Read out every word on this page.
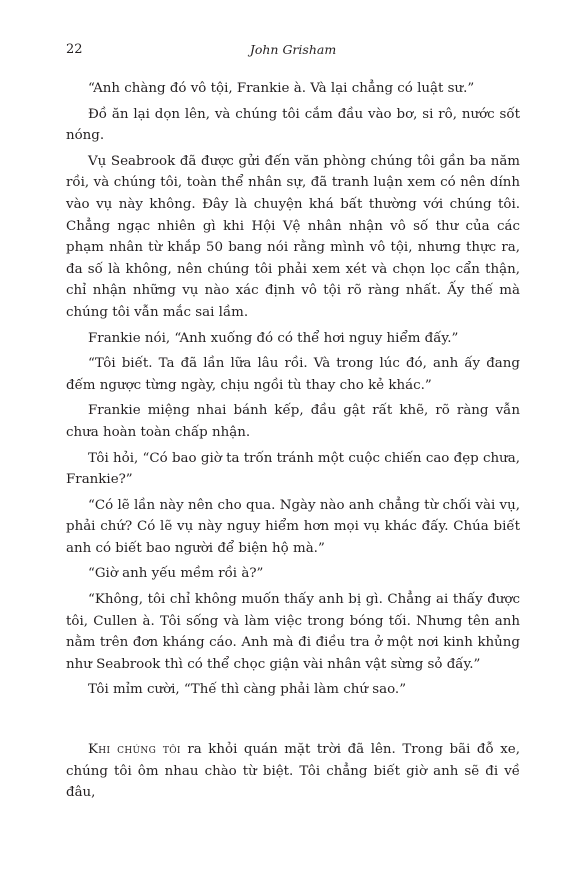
22	John Grisham

“Anh chàng đó vô tội, Frankie à. Và lại chẳng có luật sư.”

Đồ ăn lại dọn lên, và chúng tôi cắm đầu vào bơ, si rô, nước sốt nóng.

Vụ Seabrook đã được gửi đến văn phòng chúng tôi gần ba năm rồi, và chúng tôi, toàn thể nhân sự, đã tranh luận xem có nên dính vào vụ này không. Đây là chuyện khá bất thường với chúng tôi. Chẳng ngạc nhiên gì khi Hội Vệ nhân nhận vô số thư của các phạm nhân từ khắp 50 bang nói rằng mình vô tội, nhưng thực ra, đa số là không, nên chúng tôi phải xem xét và chọn lọc cẩn thận, chỉ nhận những vụ nào xác định vô tội rõ ràng nhất. Ấy thế mà chúng tôi vẫn mắc sai lầm.

Frankie nói, “Anh xuống đó có thể hơi nguy hiểm đấy.”

“Tôi biết. Ta đã lần lữa lâu rồi. Và trong lúc đó, anh ấy đang đếm ngược từng ngày, chịu ngồi tù thay cho kẻ khác.”

Frankie miệng nhai bánh kếp, đầu gật rất khẽ, rõ ràng vẫn chưa hoàn toàn chấp nhận.

Tôi hỏi, “Có bao giờ ta trốn tránh một cuộc chiến cao đẹp chưa, Frankie?”

“Có lẽ lần này nên cho qua. Ngày nào anh chẳng từ chối vài vụ, phải chứ? Có lẽ vụ này nguy hiểm hơn mọi vụ khác đấy. Chúa biết anh có biết bao người để biện hộ mà.”

“Giờ anh yếu mềm rồi à?”

“Không, tôi chỉ không muốn thấy anh bị gì. Chẳng ai thấy được tôi, Cullen à. Tôi sống và làm việc trong bóng tối. Nhưng tên anh nằm trên đơn kháng cáo. Anh mà đi điều tra ở một nơi kinh khủng như Seabrook thì có thể chọc giận vài nhân vật sừng sỏ đấy.”

Tôi mỉm cười, “Thế thì càng phải làm chứ sao.”

Khi chúng tôi ra khỏi quán mặt trời đã lên. Trong bãi đỗ xe, chúng tôi ôm nhau chào từ biệt. Tôi chẳng biết giờ anh sẽ đi về đâu,
